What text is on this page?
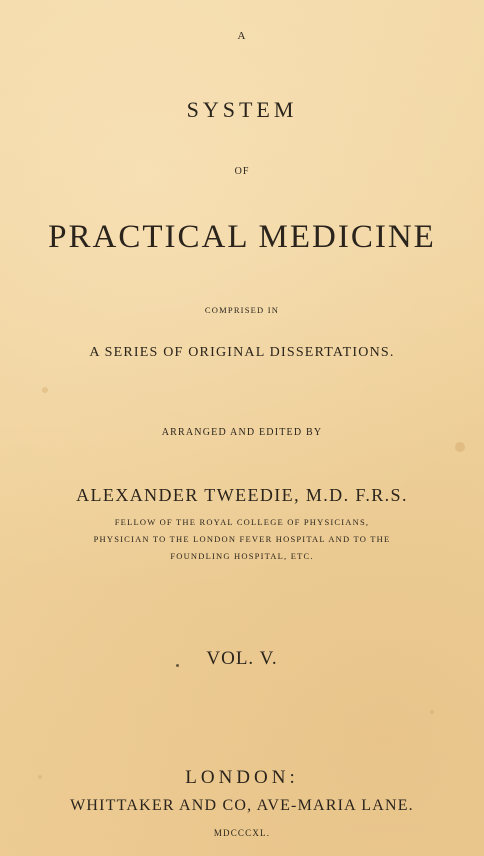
A
SYSTEM
OF
PRACTICAL MEDICINE
COMPRISED IN
A SERIES OF ORIGINAL DISSERTATIONS.
ARRANGED AND EDITED BY
ALEXANDER TWEEDIE, M.D. F.R.S.
FELLOW OF THE ROYAL COLLEGE OF PHYSICIANS,
PHYSICIAN TO THE LONDON FEVER HOSPITAL AND TO THE
FOUNDLING HOSPITAL, ETC.
VOL. V.
LONDON:
WHITTAKER AND CO, AVE-MARIA LANE.
MDCCCXL.
